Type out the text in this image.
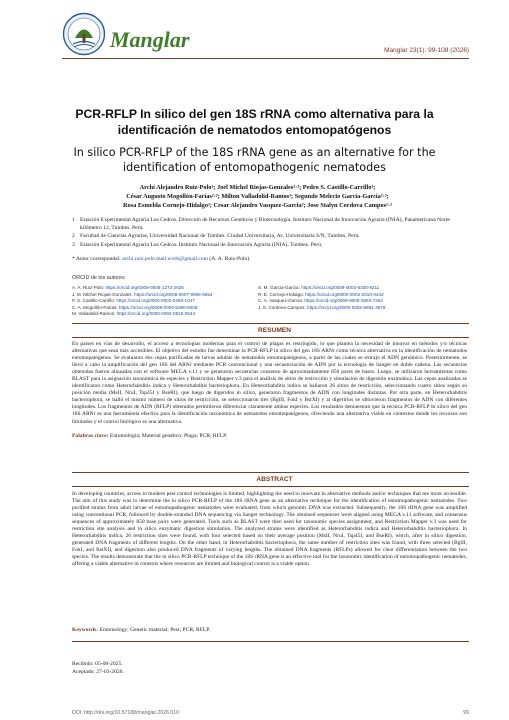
Manglar	Manglar 23(1): 99-108 (2026)
PCR-RFLP In silico del gen 18S rRNA como alternativa para la identificación de nematodos entomopatógenos
In silico PCR-RFLP of the 18S rRNA gene as an alternative for the identification of entomopathogenic nematodes
Archi Alejandro Ruiz-Polo¹; Joel Michel Riojas-Gonzales²·³; Pedro S. Castillo-Carrillo³;
César Augusto Mogollón-Farías²·³; Milton Valladolid-Ramos³; Segundo Melecio Garcia-Garcia²·³;
Rosa Esmelda Cornejo-Hidalgo²; Cesar Alejandro Vasquez-Garcia²; Jose Stalyn Cordova Campos¹·²
1 Estación Experimental Agraria Los Cedros. Dirección de Recursos Genéticos y Biotecnología. Instituto Nacional de Innovación Agraria (INIA), Panamericana Norte kilómetro 12, Tumbes. Perú.
2 Facultad de Ciencias Agrarias, Universidad Nacional de Tumbes. Ciudad Universitaria, Av. Universitaria S/N, Tumbes, Perú.
3 Estación Experimental Agraria Los Cedros. Instituto Nacional de Innovación Agraria (INIA). Tumbes. Perú.
* Autor correspondal: archi.ruiz.polo.mail.work@gmail.com (A. A. Ruiz-Polo).
ORCID de los autores
A. A. Ruiz-Polo: https://orcid.org/0009-0005-1273-2625
J. M. Michel Riojas-Gonzales: https://orcid.org/0009-0007-9966-9554
P. S. Castillo-Carrillo: https://orcid.org/0000-0002-0255-1047
C. A. Mogollón-Farías: https://orcid.org/0009-0000-5390-9208
M. Valladolid-Ramos: https://orcid.org/0000-0002-0526-0544
S. M. Garcia-Garcia: https://orcid.org/0009-0003-6300-9211
R. E. Cornejo-Hidalgo: https://orcid.org/0000-0002-2010-0442
C. A. Vasquez-Garcia: https://orcid.org/0009-0005-2803-7264
J. S. Cordova-Campos: https://orcid.org/0000-0002-5891-4679
RESUMEN
En países en vías de desarrollo, el acceso a tecnologías modernas para el control de plagas es restringido, lo que plantea la necesidad de innovar en métodos y/o técnicas alternativas que sean más accesibles. El objetivo del estudio fue determinar la PCR-RFLP in silico del gen 18S ARNr como técnica alternativa en la identificación de nematodos entomopatógenos. Se evaluaron dos cepas purificadas de larvas adultas de nematodos entomopatógenos, a partir de las cuales se extrajo el ADN genómico. Posteriormente, se llevó a cabo la amplificación del gen 18S del ARNr mediante PCR convencional y una secuenciación de ADN por la tecnología de Sanger en doble cadena. Las secuencias obtenidas fueron alineadas con el software MEGA v.11 y se generaron secuencias consenso de aproximadamente 850 pares de bases. Luego, se utilizaron herramientas como BLAST para la asignación taxonómica de especies y Restriction Mapper v.3 para el análisis de sitios de restricción y simulación de digestión enzimática. Las cepas analizadas se identificaron como Heterorhabditis indica y Heterorhabditis bacteriophora. En Heterorhabditis indica se hallaron 26 sitios de restricción, seleccionando cuatro sitios según su posición media (MsII, NruI, Tsp45I y BseRI), que luego de digeridos in silico, generaron fragmentos de ADN con longitudes distintas. Por otra parte, en Heterorhabditis bacteriophora, se halló el mismo número de sitios de restricción, se seleccionaron tres (BglII, FokI y BstXI) y al digerirlos se obtuvieron fragmentos de ADN con diferentes longitudes. Los fragmentos de ADN (RFLP) obtenidos permitieron diferenciar claramente ambas especies. Los resultados demuestran que la técnica PCR-RFLP In silico del gen 18S ARNr es una herramienta efectiva para la identificación taxonómica de nematodos entomopatógenos, ofreciendo una alternativa viable en contextos donde los recursos son limitados y el control biológico es una alternativa.
Palabras clave: Entomología; Material genético; Plaga; PCR; RFLP.
ABSTRACT
In developing countries, access to modern pest control technologies is limited, highlighting the need to innovate in alternative methods and/or techniques that are more accessible. The aim of this study was to determine the in silico PCR-RFLP of the 18S rRNA gene as an alternative technique for the identification of entomopathogenic nematodes. Two purified strains from adult larvae of entomopathogenic nematodes were evaluated, from which genomic DNA was extracted. Subsequently, the 18S rRNA gene was amplified using conventional PCR, followed by double-stranded DNA sequencing via Sanger technology. The obtained sequences were aligned using MEGA v.11 software, and consensus sequences of approximately 850 base pairs were generated. Tools such as BLAST were then used for taxonomic species assignment, and Restriction Mapper v.3 was used for restriction site analysis and in silico enzymatic digestion simulation. The analyzed strains were identified as Heterorhabditis indica and Heterorhabditis bacteriophora. In Heterorhabditis indica, 26 restriction sites were found, with four selected based on their average position (MsII, NruI, Tsp45I, and BseRI), which, after in silico digestion, generated DNA fragments of different lengths. On the other hand, in Heterorhabditis bacteriophora, the same number of restriction sites was found, with three selected (BglII, FokI, and BstXI), and digestion also produced DNA fragments of varying lengths. The obtained DNA fragments (RFLPs) allowed for clear differentiation between the two species. The results demonstrate that the in silico PCR-RFLP technique of the 18S rRNA gene is an effective tool for the taxonomic identification of entomopathogenic nematodes, offering a viable alternative in contexts where resources are limited and biological control is a viable option.
Keywords: Entomology; Genetic material; Pest; PCR; RFLP.
Recibido: 05-08-2025.
Aceptado: 27-03-2026.
DOI: http://doi.org/10.57188/manglar.2026.010	99
